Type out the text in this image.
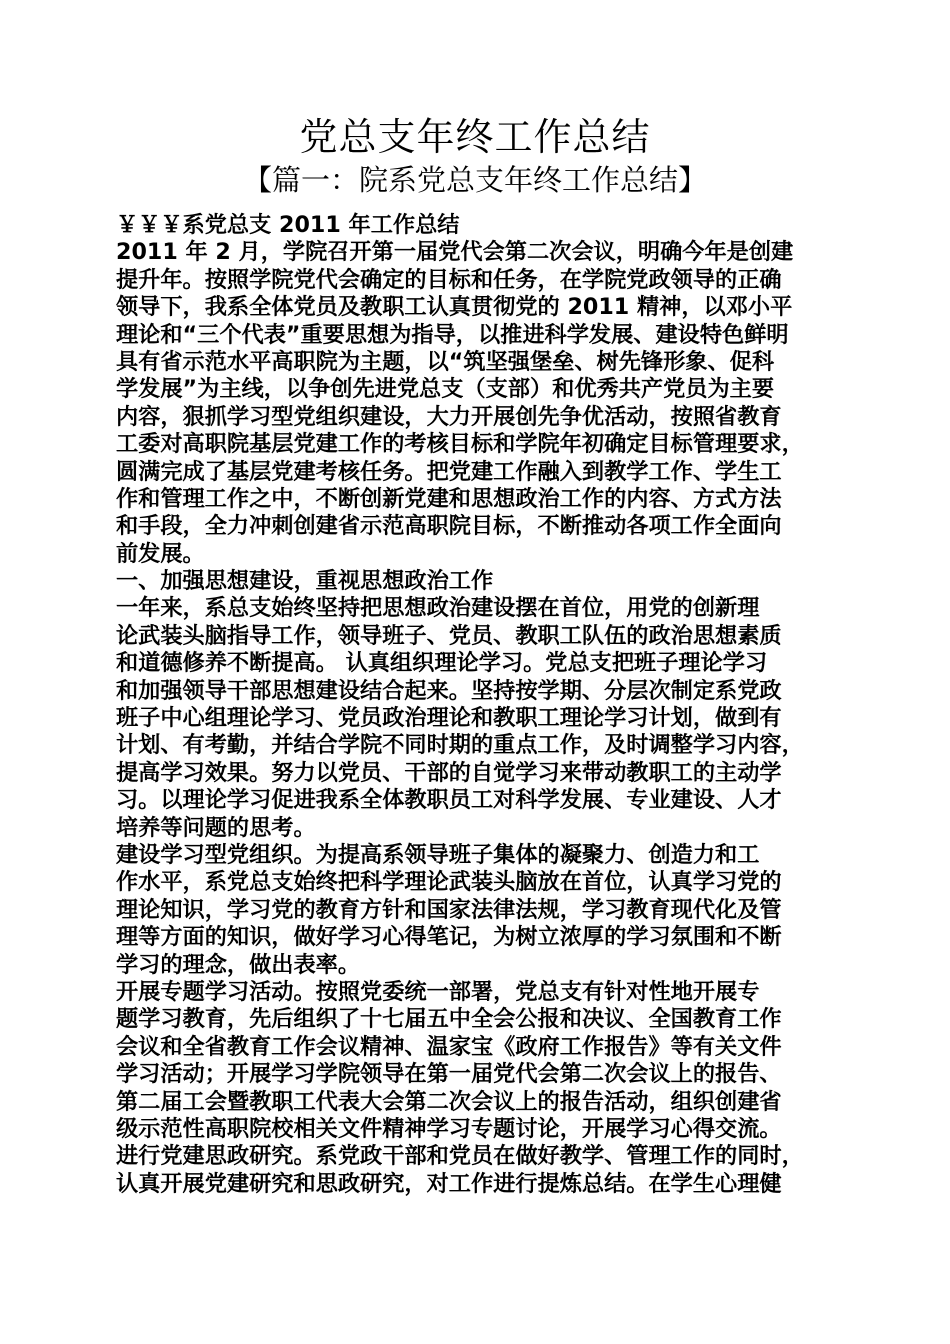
党总支年终工作总结
【篇一：院系党总支年终工作总结】
￥￥￥系党总支 2011 年工作总结
2011 年 2 月，学院召开第一届党代会第二次会议，明确今年是创建
提升年。按照学院党代会确定的目标和任务，在学院党政领导的正确
领导下，我系全体党员及教职工认真贯彻党的 2011 精神，以邓小平
理论和“三个代表”重要思想为指导，以推进科学发展、建设特色鲜明
具有省示范水平高职院为主题，以“筑坚强堡垒、树先锋形象、促科
学发展”为主线，以争创先进党总支（支部）和优秀共产党员为主要
内容，狠抓学习型党组织建设，大力开展创先争优活动，按照省教育
工委对高职院基层党建工作的考核目标和学院年初确定目标管理要求，
圆满完成了基层党建考核任务。把党建工作融入到教学工作、学生工
作和管理工作之中，不断创新党建和思想政治工作的内容、方式方法
和手段，全力冲刺创建省示范高职院目标，不断推动各项工作全面向
前发展。
一、加强思想建设，重视思想政治工作
一年来，系总支始终坚持把思想政治建设摆在首位，用党的创新理
论武装头脑指导工作，领导班子、党员、教职工队伍的政治思想素质
和道德修养不断提高。 认真组织理论学习。党总支把班子理论学习
和加强领导干部思想建设结合起来。坚持按学期、分层次制定系党政
班子中心组理论学习、党员政治理论和教职工理论学习计划，做到有
计划、有考勤，并结合学院不同时期的重点工作，及时调整学习内容，
提高学习效果。努力以党员、干部的自觉学习来带动教职工的主动学
习。以理论学习促进我系全体教职员工对科学发展、专业建设、人才
培养等问题的思考。
建设学习型党组织。为提高系领导班子集体的凝聚力、创造力和工
作水平，系党总支始终把科学理论武装头脑放在首位，认真学习党的
理论知识，学习党的教育方针和国家法律法规，学习教育现代化及管
理等方面的知识，做好学习心得笔记，为树立浓厚的学习氛围和不断
学习的理念，做出表率。
开展专题学习活动。按照党委统一部署，党总支有针对性地开展专
题学习教育，先后组织了十七届五中全会公报和决议、全国教育工作
会议和全省教育工作会议精神、温家宝《政府工作报告》等有关文件
学习活动；开展学习学院领导在第一届党代会第二次会议上的报告、
第二届工会暨教职工代表大会第二次会议上的报告活动，组织创建省
级示范性高职院校相关文件精神学习专题讨论，开展学习心得交流。
进行党建思政研究。系党政干部和党员在做好教学、管理工作的同时，
认真开展党建研究和思政研究，对工作进行提炼总结。在学生心理健
